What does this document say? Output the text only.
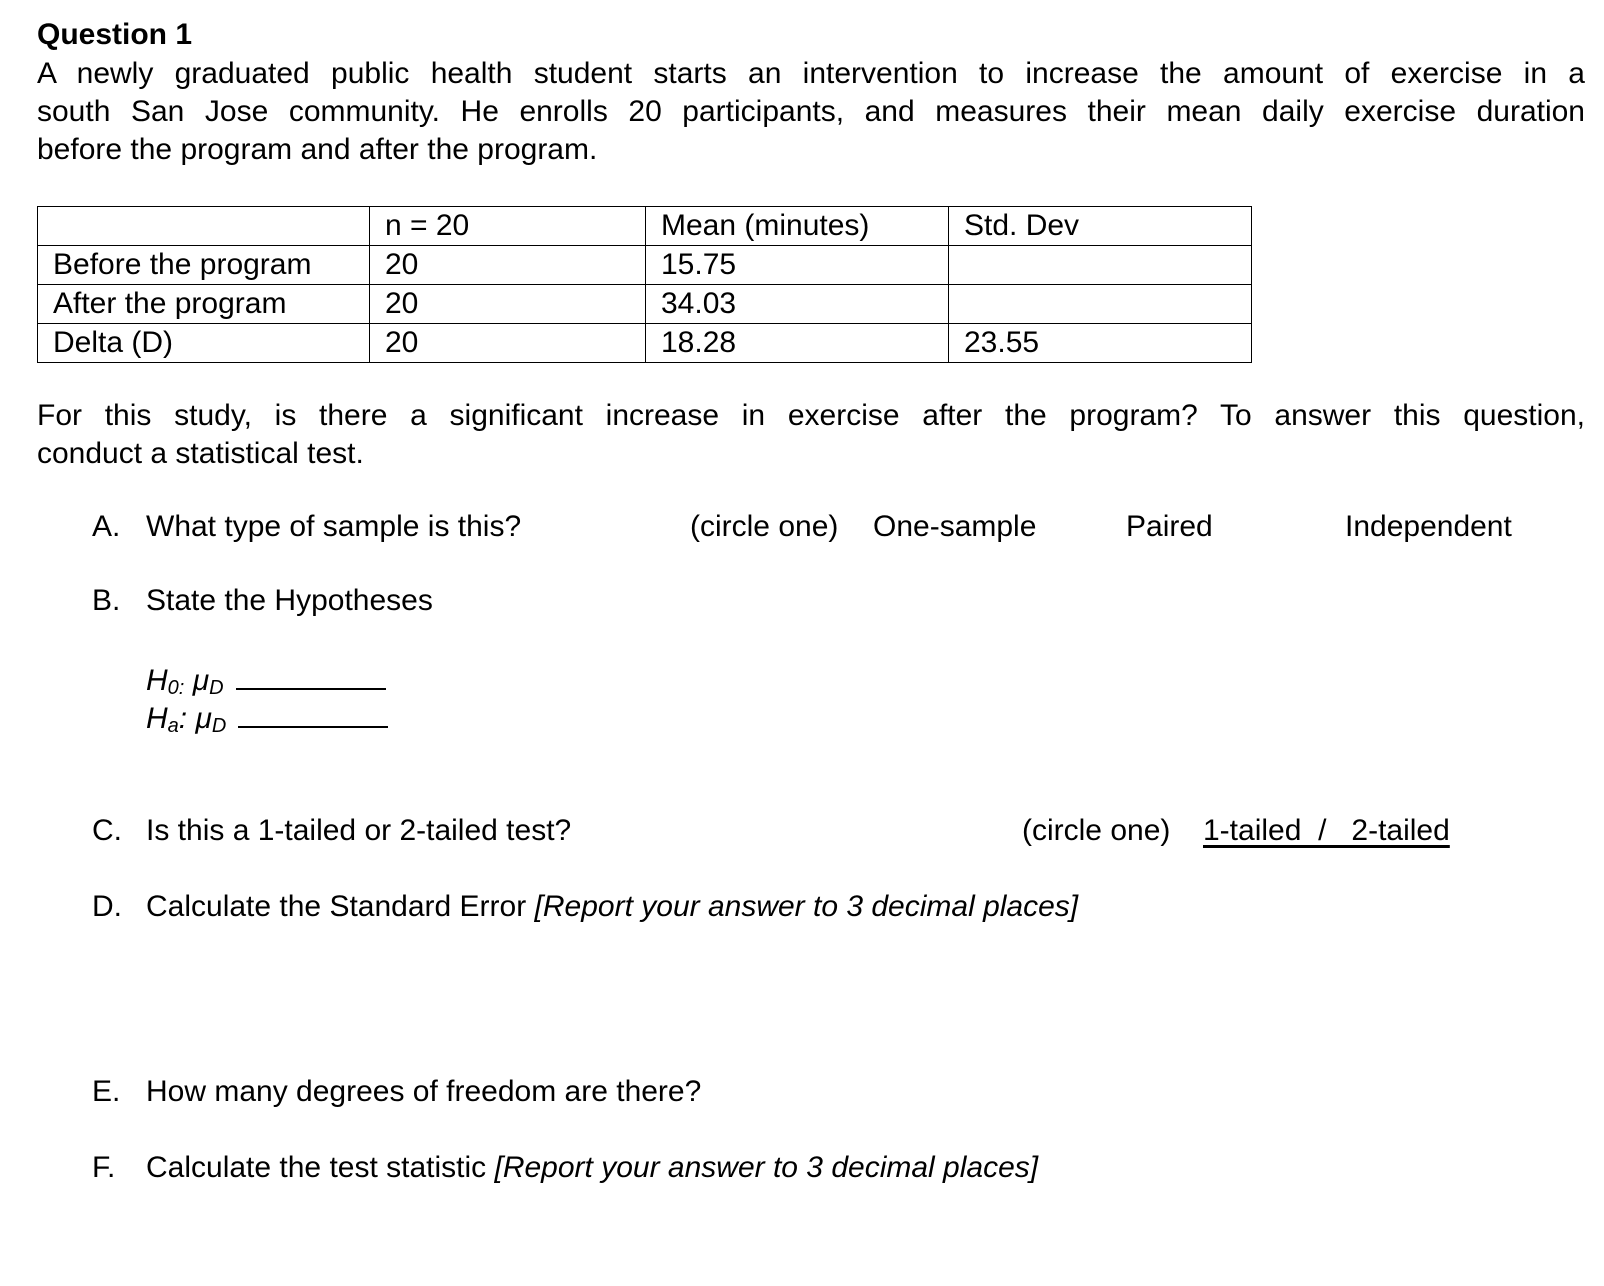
Question 1
A newly graduated public health student starts an intervention to increase the amount of exercise in a
south San Jose community. He enrolls 20 participants, and measures their mean daily exercise duration
before the program and after the program.
	n = 20	Mean (minutes)	Std. Dev
Before the program	20	15.75	
After the program	20	34.03	
Delta (D)	20	18.28	23.55
For this study, is there a significant increase in exercise after the program? To answer this question,
conduct a statistical test.
A. What type of sample is this?	(circle one) One-sample	Paired	Independent
B. State the Hypotheses
$H_{0:}$ $\mu_D$
$H_a$: $\mu_D$
C. Is this a 1-tailed or 2-tailed test?	(circle one) 1-tailed  /   2-tailed
D. Calculate the Standard Error [Report your answer to 3 decimal places]
E. How many degrees of freedom are there?
F. Calculate the test statistic [Report your answer to 3 decimal places]
